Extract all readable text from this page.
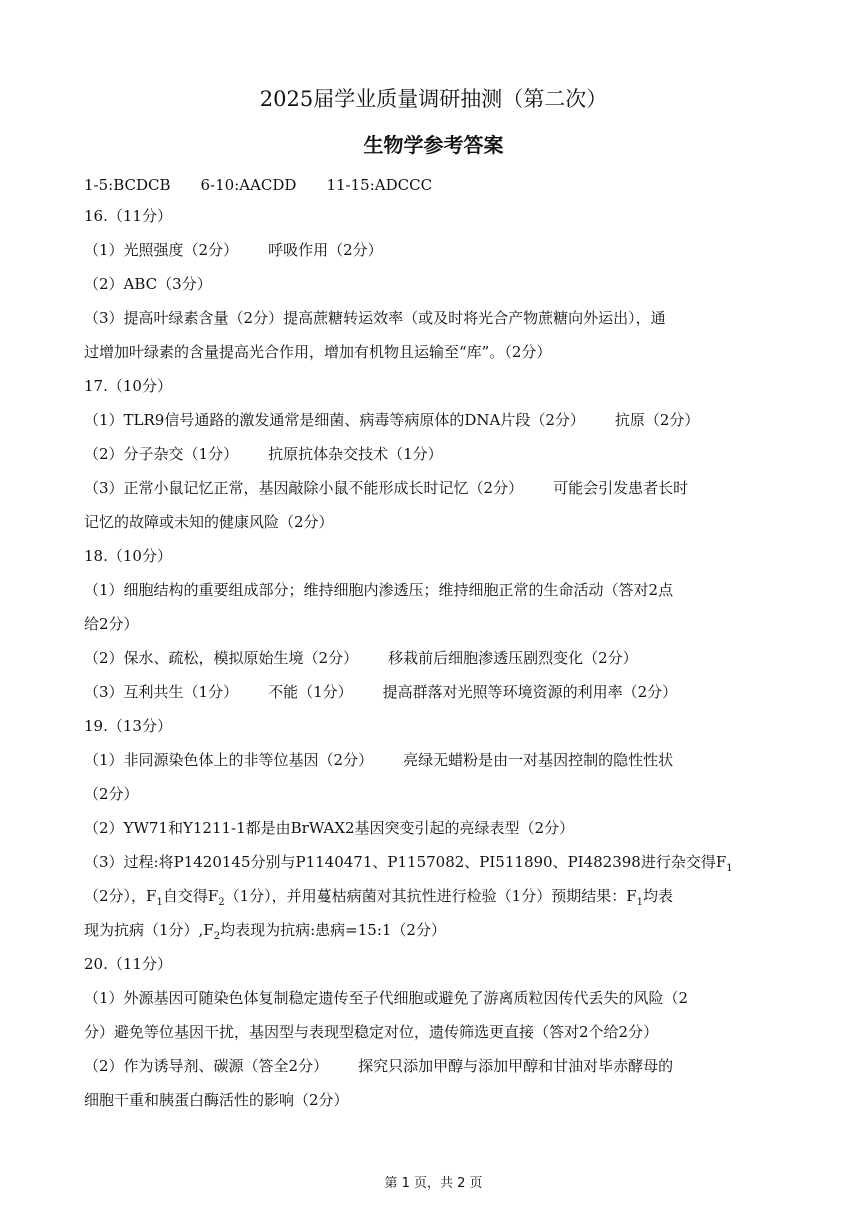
2025届学业质量调研抽测（第二次）
生物学参考答案
1-5:BCDCB 6-10:AACDD 11-15:ADCCC
16.（11分）
（1）光照强度（2分） 呼吸作用（2分）
（2）ABC（3分）
（3）提高叶绿素含量（2分）提高蔗糖转运效率（或及时将光合产物蔗糖向外运出），通
过增加叶绿素的含量提高光合作用，增加有机物且运输至“库”。（2分）
17.（10分）
（1）TLR9信号通路的激发通常是细菌、病毒等病原体的DNA片段（2分） 抗原（2分）
（2）分子杂交（1分） 抗原抗体杂交技术（1分）
（3）正常小鼠记忆正常，基因敲除小鼠不能形成长时记忆（2分） 可能会引发患者长时
记忆的故障或未知的健康风险（2分）
18.（10分）
（1）细胞结构的重要组成部分；维持细胞内渗透压；维持细胞正常的生命活动（答对2点
给2分）
（2）保水、疏松，模拟原始生境（2分） 移栽前后细胞渗透压剧烈变化（2分）
（3）互利共生（1分） 不能（1分） 提高群落对光照等环境资源的利用率（2分）
19.（13分）
（1）非同源染色体上的非等位基因（2分） 亮绿无蜡粉是由一对基因控制的隐性性状
（2分）
（2）YW71和Y1211-1都是由BrWAX2基因突变引起的亮绿表型（2分）
（3）过程:将P1420145分别与P1140471、P1157082、PI511890、PI482398进行杂交得$F_1$
（2分），$F_1$自交得$F_2(1$分），并用蔓枯病菌对其抗性进行检验（1分）预期结果：$F_1$均表
现为抗病（1分）$,F_2$均表现为抗病:患病=15:1（2分）
20.（11分）
（1）外源基因可随染色体复制稳定遗传至子代细胞或避免了游离质粒因传代丢失的风险（2
分）避免等位基因干扰，基因型与表现型稳定对位，遗传筛选更直接（答对2个给2分）
（2）作为诱导剂、碳源（答全2分） 探究只添加甲醇与添加甲醇和甘油对毕赤酵母的
细胞干重和胰蛋白酶活性的影响（2分）
第 1 页，共 2 页
